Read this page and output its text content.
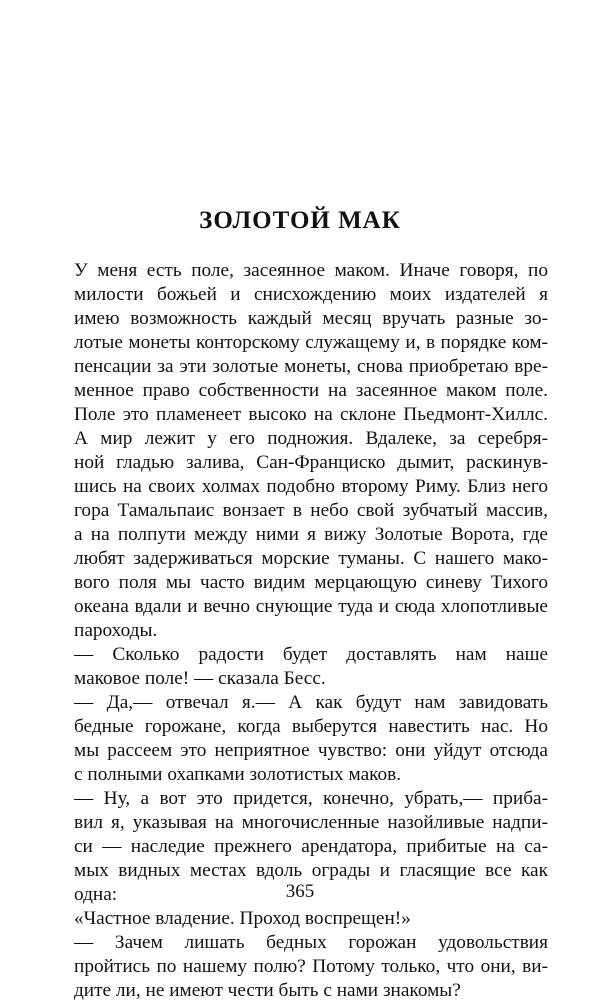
ЗОЛОТОЙ МАК

У меня есть поле, засеянное маком. Иначе говоря, по

милости божьей и снисхождению моих издателей я

имею возможность каждый месяц вручать разные зо-

лотые монеты конторскому служащему и, в порядке ком-

пенсации за эти золотые монеты, снова приобретаю вре-

менное право собственности на засеянное маком поле.

Поле это пламенеет высоко на склоне Пьедмонт-Хиллс.

А мир лежит у его подножия. Вдалеке, за серебря-

ной гладью залива, Сан-Франциско дымит, раскинув-

шись на своих холмах подобно второму Риму. Близ него

гора Тамальпаис вонзает в небо свой зубчатый массив,

а на полпути между ними я вижу Золотые Ворота, где

любят задерживаться морские туманы. С нашего мако-

вого поля мы часто видим мерцающую синеву Тихого

океана вдали и вечно снующие туда и сюда хлопотливые

пароходы.

— Сколько радости будет доставлять нам наше

маковое поле! — сказала Бесс.

— Да,— отвечал я.— А как будут нам завидовать

бедные горожане, когда выберутся навестить нас. Но

мы рассеем это неприятное чувство: они уйдут отсюда

с полными охапками золотистых маков.

— Ну, а вот это придется, конечно, убрать,— приба-

вил я, указывая на многочисленные назойливые надпи-

си — наследие прежнего арендатора, прибитые на са-

мых видных местах вдоль ограды и гласящие все как

одна:

«Частное владение. Проход воспрещен!»

— Зачем лишать бедных горожан удовольствия

пройтись по нашему полю? Потому только, что они, ви-

дите ли, не имеют чести быть с нами знакомы?

365
